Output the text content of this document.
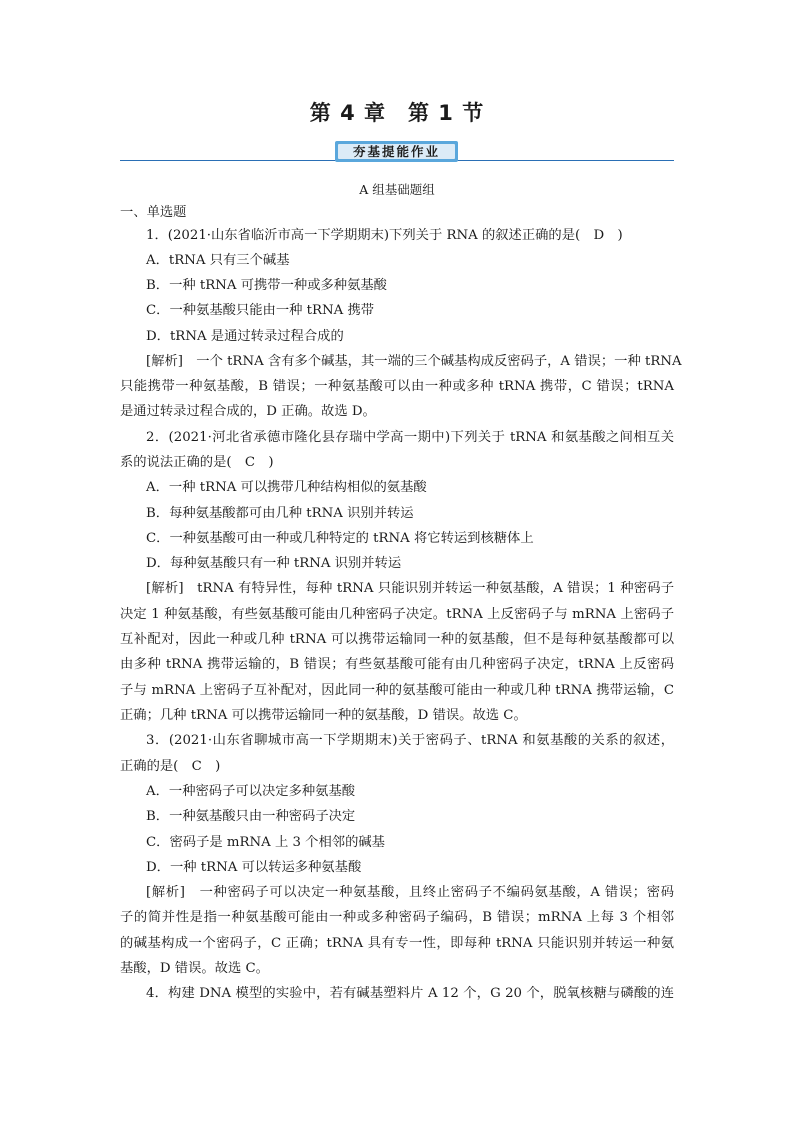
第 4 章　第 1 节
夯基提能作业
A 组基础题组
一、单选题
1．(2021·山东省临沂市高一下学期期末)下列关于 RNA 的叙述正确的是(　D　)
A．tRNA 只有三个碱基
B．一种 tRNA 可携带一种或多种氨基酸
C．一种氨基酸只能由一种 tRNA 携带
D．tRNA 是通过转录过程合成的
[解析]　一个 tRNA 含有多个碱基，其一端的三个碱基构成反密码子，A 错误；一种 tRNA
只能携带一种氨基酸，B 错误；一种氨基酸可以由一种或多种 tRNA 携带，C 错误；tRNA
是通过转录过程合成的，D 正确。故选 D。
2．(2021·河北省承德市隆化县存瑞中学高一期中)下列关于 tRNA 和氨基酸之间相互关
系的说法正确的是(　C　)
A．一种 tRNA 可以携带几种结构相似的氨基酸
B．每种氨基酸都可由几种 tRNA 识别并转运
C．一种氨基酸可由一种或几种特定的 tRNA 将它转运到核糖体上
D．每种氨基酸只有一种 tRNA 识别并转运
[解析]　tRNA 有特异性，每种 tRNA 只能识别并转运一种氨基酸，A 错误；1 种密码子
决定 1 种氨基酸，有些氨基酸可能由几种密码子决定。tRNA 上反密码子与 mRNA 上密码子
互补配对，因此一种或几种 tRNA 可以携带运输同一种的氨基酸，但不是每种氨基酸都可以
由多种 tRNA 携带运输的，B 错误；有些氨基酸可能有由几种密码子决定，tRNA 上反密码
子与 mRNA 上密码子互补配对，因此同一种的氨基酸可能由一种或几种 tRNA 携带运输，C
正确；几种 tRNA 可以携带运输同一种的氨基酸，D 错误。故选 C。
3．(2021·山东省聊城市高一下学期期末)关于密码子、tRNA 和氨基酸的关系的叙述，
正确的是(　C　)
A．一种密码子可以决定多种氨基酸
B．一种氨基酸只由一种密码子决定
C．密码子是 mRNA 上 3 个相邻的碱基
D．一种 tRNA 可以转运多种氨基酸
[解析]　一种密码子可以决定一种氨基酸，且终止密码子不编码氨基酸，A 错误；密码
子的简并性是指一种氨基酸可能由一种或多种密码子编码，B 错误；mRNA 上每 3 个相邻
的碱基构成一个密码子，C 正确；tRNA 具有专一性，即每种 tRNA 只能识别并转运一种氨
基酸，D 错误。故选 C。
4．构建 DNA 模型的实验中，若有碱基塑料片 A 12 个，G 20 个，脱氧核糖与磷酸的连
